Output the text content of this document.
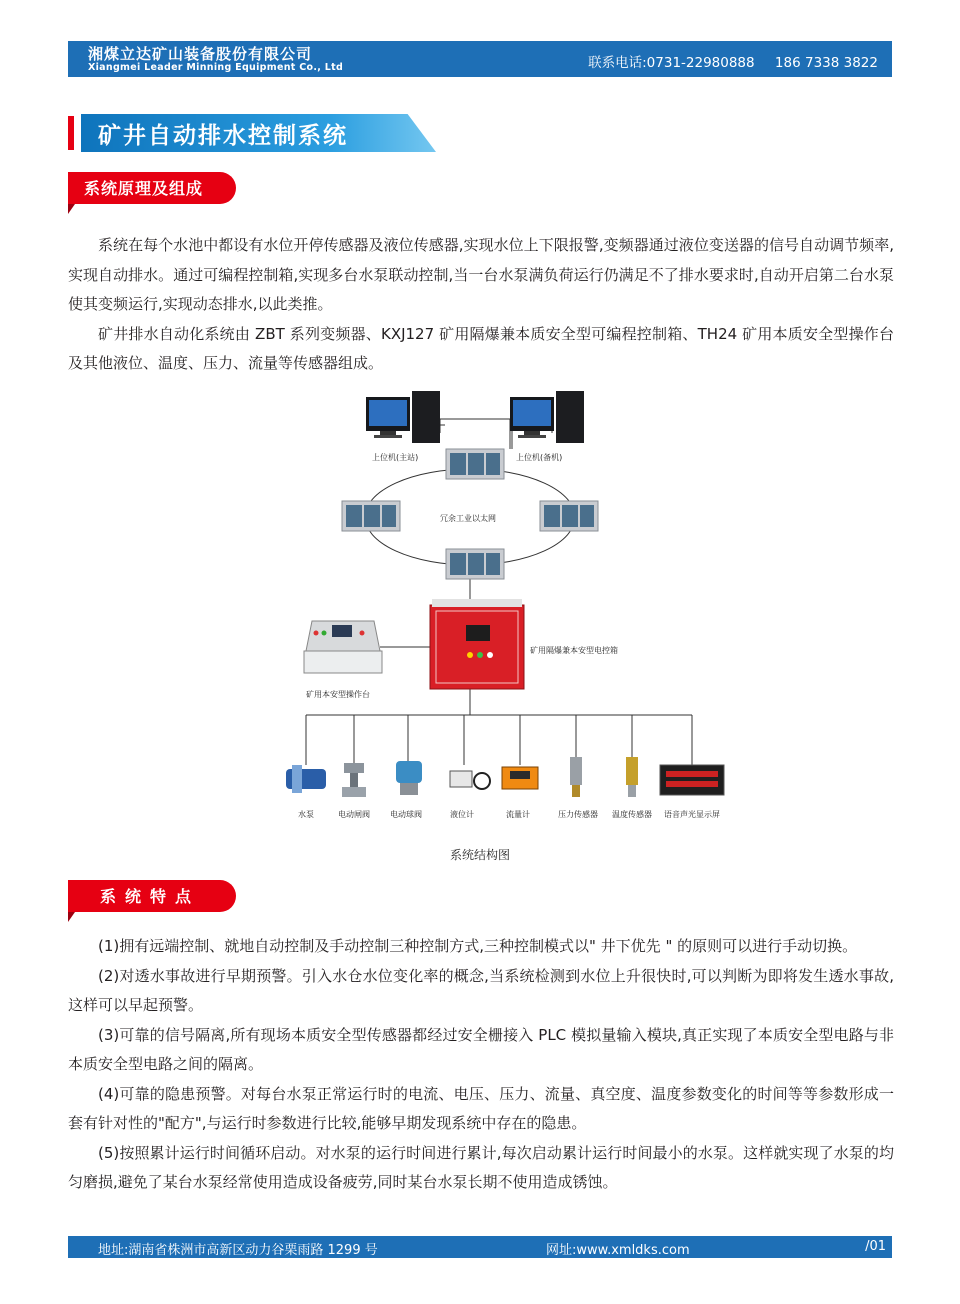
湘煤立达矿山装备股份有限公司
Xiangmei Leader Minning Equipment Co., Ltd	联系电话:0731-22980888 186 7338 3822
矿井自动排水控制系统
系统原理及组成

系统在每个水池中都设有水位开停传感器及液位传感器,实现水位上下限报警,变频器通过液位变送器的信号自动调节频率,实现自动排水。通过可编程控制箱,实现多台水泵联动控制,当一台水泵满负荷运行仍满足不了排水要求时,自动开启第二台水泵使其变频运行,实现动态排水,以此类推。

矿井排水自动化系统由 ZBT 系列变频器、KXJ127 矿用隔爆兼本质安全型可编程控制箱、TH24 矿用本质安全型操作台及其他液位、温度、压力、流量等传感器组成。

上位机(主站)	上位机(备机)
冗余工业以太网
矿用隔爆兼本安型电控箱
矿用本安型操作台
水泵	电动闸阀	电动球阀	液位计	流量计	压力传感器 温度传感器 语音声光显示屏
系统结构图
系统特点

(1)拥有远端控制、就地自动控制及手动控制三种控制方式,三种控制模式以" 井下优先 " 的原则可以进行手动切换。

(2)对透水事故进行早期预警。引入水仓水位变化率的概念,当系统检测到水位上升很快时,可以判断为即将发生透水事故,这样可以早起预警。

(3)可靠的信号隔离,所有现场本质安全型传感器都经过安全栅接入 PLC 模拟量输入模块,真正实现了本质安全型电路与非本质安全型电路之间的隔离。

(4)可靠的隐患预警。对每台水泵正常运行时的电流、电压、压力、流量、真空度、温度参数变化的时间等等参数形成一套有针对性的"配方",与运行时参数进行比较,能够早期发现系统中存在的隐患。

(5)按照累计运行时间循环启动。对水泵的运行时间进行累计,每次启动累计运行时间最小的水泵。这样就实现了水泵的均匀磨损,避免了某台水泵经常使用造成设备疲劳,同时某台水泵长期不使用造成锈蚀。

地址:湖南省株洲市高新区动力谷栗雨路 1299 号	网址:www.xmldks.com	/01
